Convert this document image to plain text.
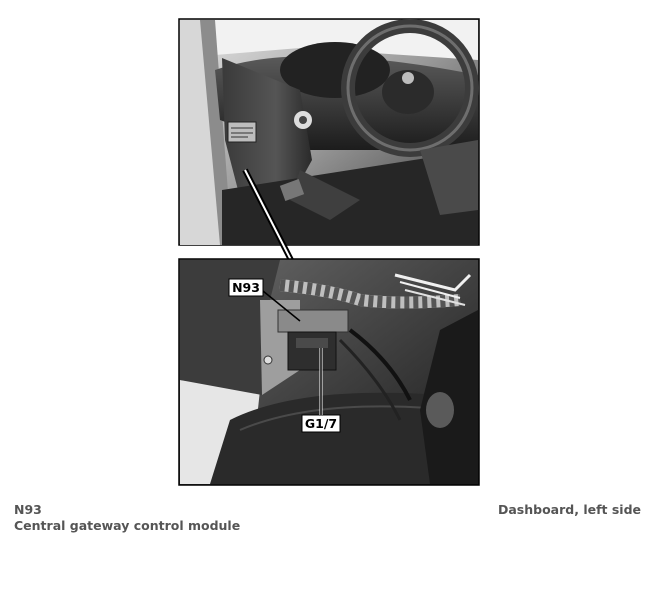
N93
G1/7
N93
Central gateway control module
Dashboard, left side
